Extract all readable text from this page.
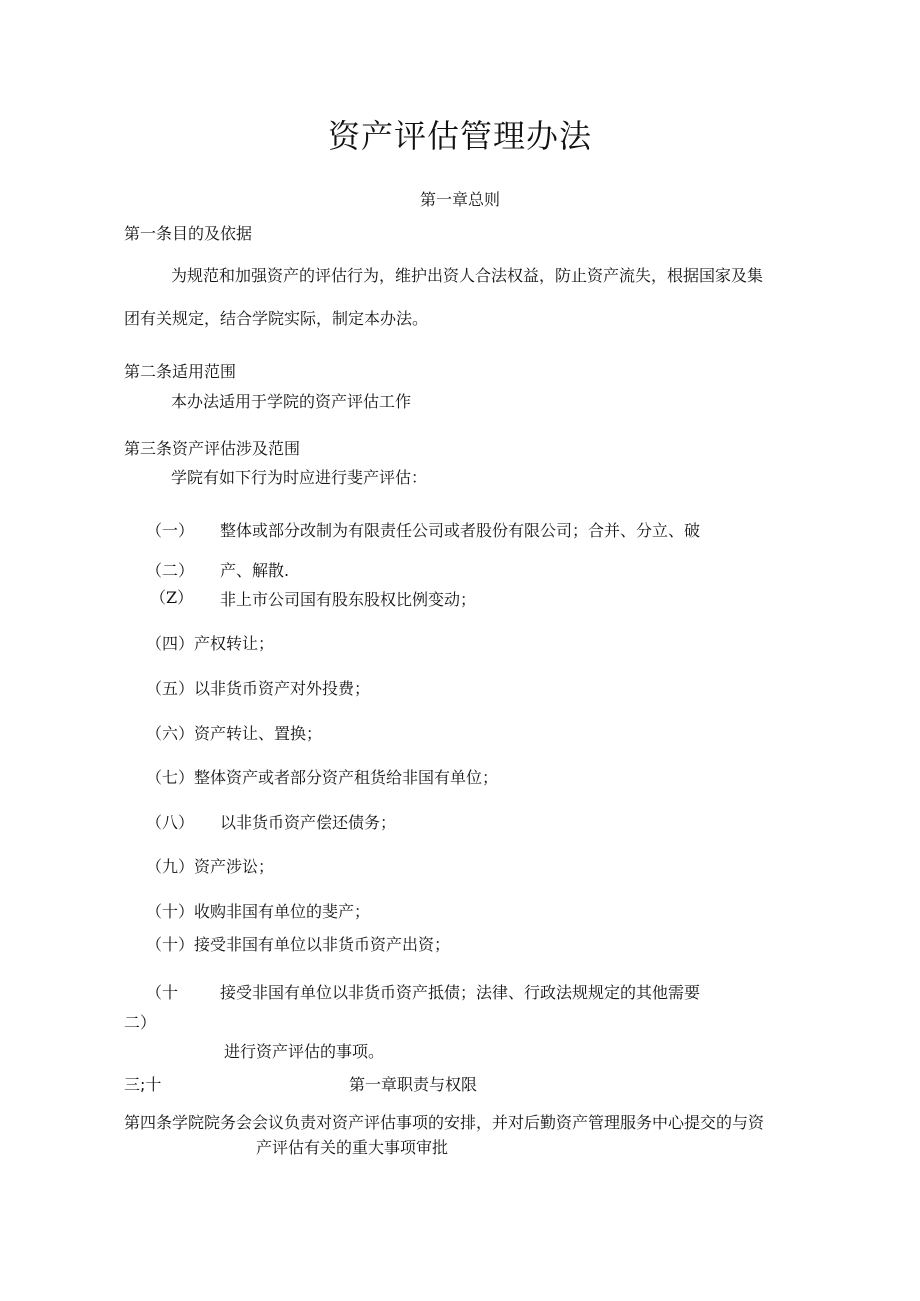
资产评估管理办法
第一章总则
第一条目的及依据
为规范和加强资产的评估行为，维护出资人合法权益，防止资产流失，根据国家及集
团有关规定，结合学院实际，制定本办法。
第二条适用范围
本办法适用于学院的资产评估工作
第三条资产评估涉及范围
学院有如下行为时应进行斐产评估：
（一） 整体或部分改制为有限责任公司或者股份有限公司；合并、分立、破
（二） 产、解散.
（Z） 非上市公司国有股东股权比例变动；
（四）产权转让；
（五）以非货币资产对外投费；
（六）资产转让、置换；
（七）整体资产或者部分资产租货给非国有单位；
（八） 以非货币资产偿还债务；
（九）资产涉讼；
（十）收购非国有单位的斐产；
（十）接受非国有单位以非货币资产出资；
（十	接受非国有单位以非货币资产抵债；法律、行政法规规定的其他需要
二）
进行资产评估的事项。
三;十	第一章职责与权限
第四条学院院务会会议负责对资产评估事项的安排，并对后勤资产管理服务中心提交的与资
产评估有关的重大事项审批
